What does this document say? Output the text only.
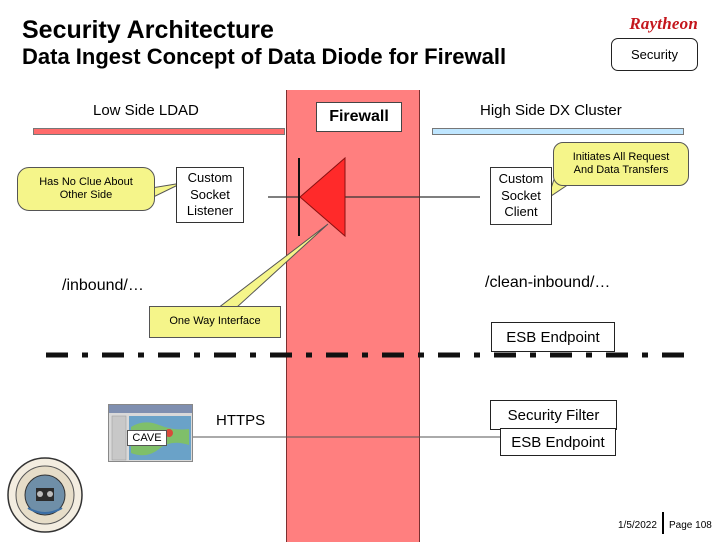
Security Architecture
Data Ingest Concept of Data Diode for Firewall
Raytheon
Security
Firewall
Low Side LDAD	High Side DX Cluster
Custom
Socket
Listener
Custom
Socket
Client
Has No Clue About
Other Side
One Way Interface
Initiates All Request
And Data Transfers
/inbound/…	/clean-inbound/…
ESB Endpoint
Security Filter
ESB Endpoint
CAVE
HTTPS
1/5/2022 Page 108
